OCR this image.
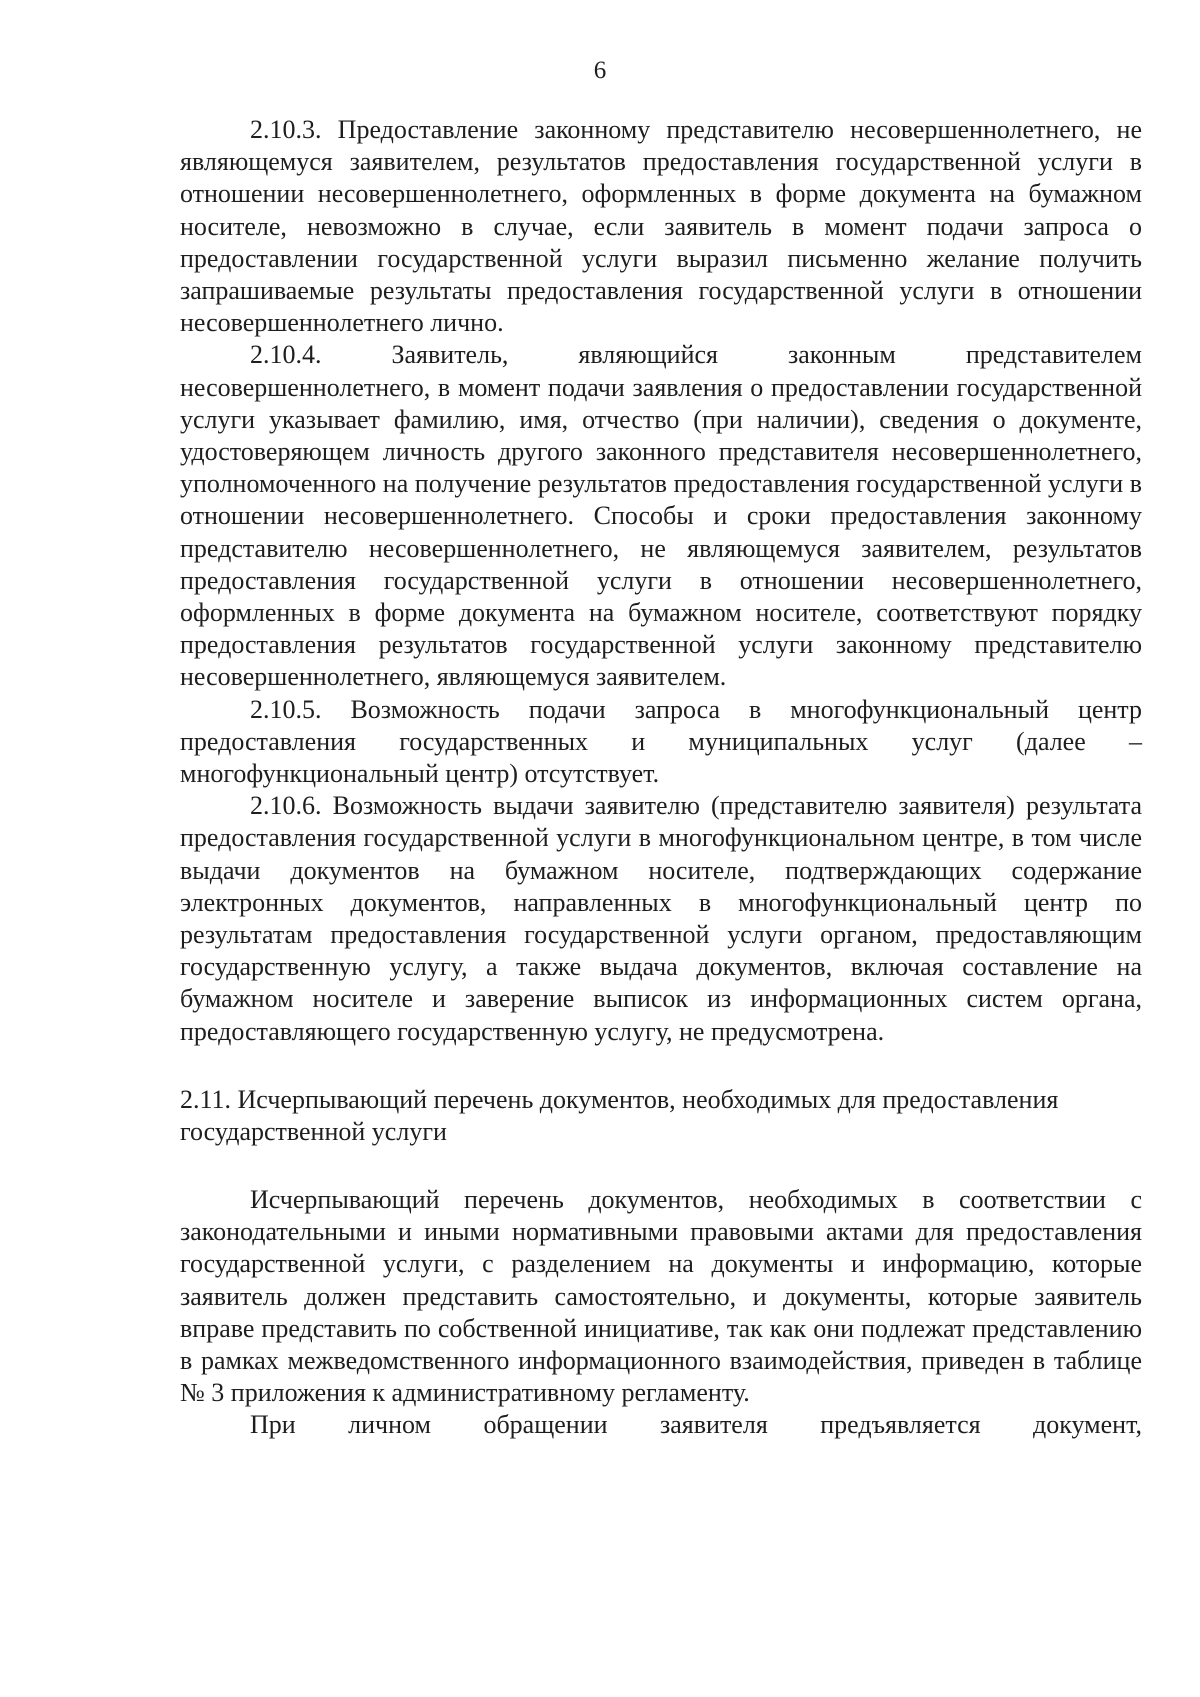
6

2.10.3. Предоставление законному представителю несовершеннолетнего, не являющемуся заявителем, результатов предоставления государственной услуги в отношении несовершеннолетнего, оформленных в форме документа на бумажном носителе, невозможно в случае, если заявитель в момент подачи запроса о предоставлении государственной услуги выразил письменно желание получить запрашиваемые результаты предоставления государственной услуги в отношении несовершеннолетнего лично.

2.10.4. Заявитель, являющийся законным представителем несовершеннолетнего, в момент подачи заявления о предоставлении государственной услуги указывает фамилию, имя, отчество (при наличии), сведения о документе, удостоверяющем личность другого законного представителя несовершеннолетнего, уполномоченного на получение результатов предоставления государственной услуги в отношении несовершеннолетнего. Способы и сроки предоставления законному представителю несовершеннолетнего, не являющемуся заявителем, результатов предоставления государственной услуги в отношении несовершеннолетнего, оформленных в форме документа на бумажном носителе, соответствуют порядку предоставления результатов государственной услуги законному представителю несовершеннолетнего, являющемуся заявителем.

2.10.5. Возможность подачи запроса в многофункциональный центр предоставления государственных и муниципальных услуг (далее – многофункциональный центр) отсутствует.

2.10.6. Возможность выдачи заявителю (представителю заявителя) результата предоставления государственной услуги в многофункциональном центре, в том числе выдачи документов на бумажном носителе, подтверждающих содержание электронных документов, направленных в многофункциональный центр по результатам предоставления государственной услуги органом, предоставляющим государственную услугу, а также выдача документов, включая составление на бумажном носителе и заверение выписок из информационных систем органа, предоставляющего государственную услугу, не предусмотрена.

2.11. Исчерпывающий перечень документов, необходимых для предоставления
государственной услуги

Исчерпывающий перечень документов, необходимых в соответствии с законодательными и иными нормативными правовыми актами для предоставления государственной услуги, с разделением на документы и информацию, которые заявитель должен представить самостоятельно, и документы, которые заявитель вправе представить по собственной инициативе, так как они подлежат представлению в рамках межведомственного информационного взаимодействия, приведен в таблице № 3 приложения к административному регламенту.

При личном обращении заявителя предъявляется документ,
